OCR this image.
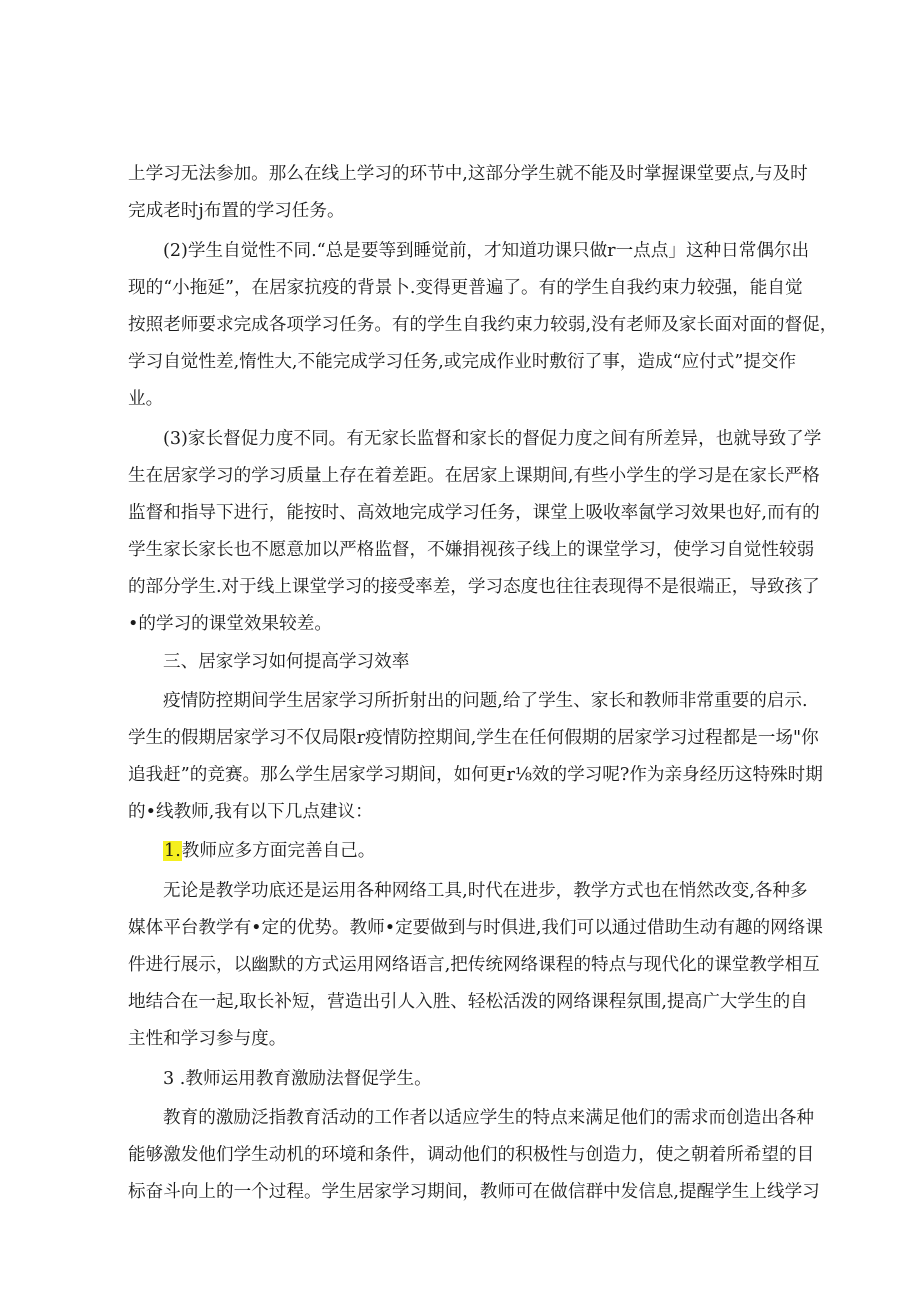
上学习无法参加。那么在线上学习的环节中,这部分学生就不能及时掌握课堂要点,与及时
完成老时j布置的学习任务。
(2)学生自觉性不同.“总是要等到睡觉前，才知道功课只做r一点点」这种日常偶尔出
现的“小拖延”，在居家抗疫的背景卜.变得更普遍了。有的学生自我约束力较强，能自觉
按照老师要求完成各项学习任务。有的学生自我约束力较弱,没有老师及家长面对面的督促，
学习自觉性差,惰性大,不能完成学习任务,或完成作业时敷衍了事，造成“应付式”提交作
业。
(3)家长督促力度不同。有无家长监督和家长的督促力度之间有所差异，也就导致了学
生在居家学习的学习质量上存在着差距。在居家上课期间,有些小学生的学习是在家长严格
监督和指导下进行，能按时、高效地完成学习任务，课堂上吸收率氤学习效果也好,而有的
学生家长家长也不愿意加以严格监督，不嫌捐视孩子线上的课堂学习，使学习自觉性较弱
的部分学生.对于线上课堂学习的接受率差，学习态度也往往表现得不是很端正，导致孩了
•的学习的课堂效果较差。
三、居家学习如何提高学习效率
疫情防控期间学生居家学习所折射出的问题,给了学生、家长和教师非常重要的启示.
学生的假期居家学习不仅局限r疫情防控期间,学生在任何假期的居家学习过程都是一场"你
追我赶”的竞赛。那么学生居家学习期间，如何更r⅛效的学习呢?作为亲身经历这特殊时期
的•线教师,我有以下几点建议：
1.教师应多方面完善自己。
无论是教学功底还是运用各种网络工具,时代在进步，教学方式也在悄然改变,各种多
媒体平台教学有•定的优势。教师•定要做到与时俱进,我们可以通过借助生动有趣的网络课
件进行展示，以幽默的方式运用网络语言,把传统网络课程的特点与现代化的课堂教学相互
地结合在一起,取长补短，营造出引人入胜、轻松活泼的网络课程氛围,提高广大学生的自
主性和学习参与度。
3 .教师运用教育激励法督促学生。
教育的激励泛指教育活动的工作者以适应学生的特点来满足他们的需求而创造出各种
能够激发他们学生动机的环境和条件，调动他们的积极性与创造力，使之朝着所希望的目
标奋斗向上的一个过程。学生居家学习期间，教师可在做信群中发信息,提醒学生上线学习
